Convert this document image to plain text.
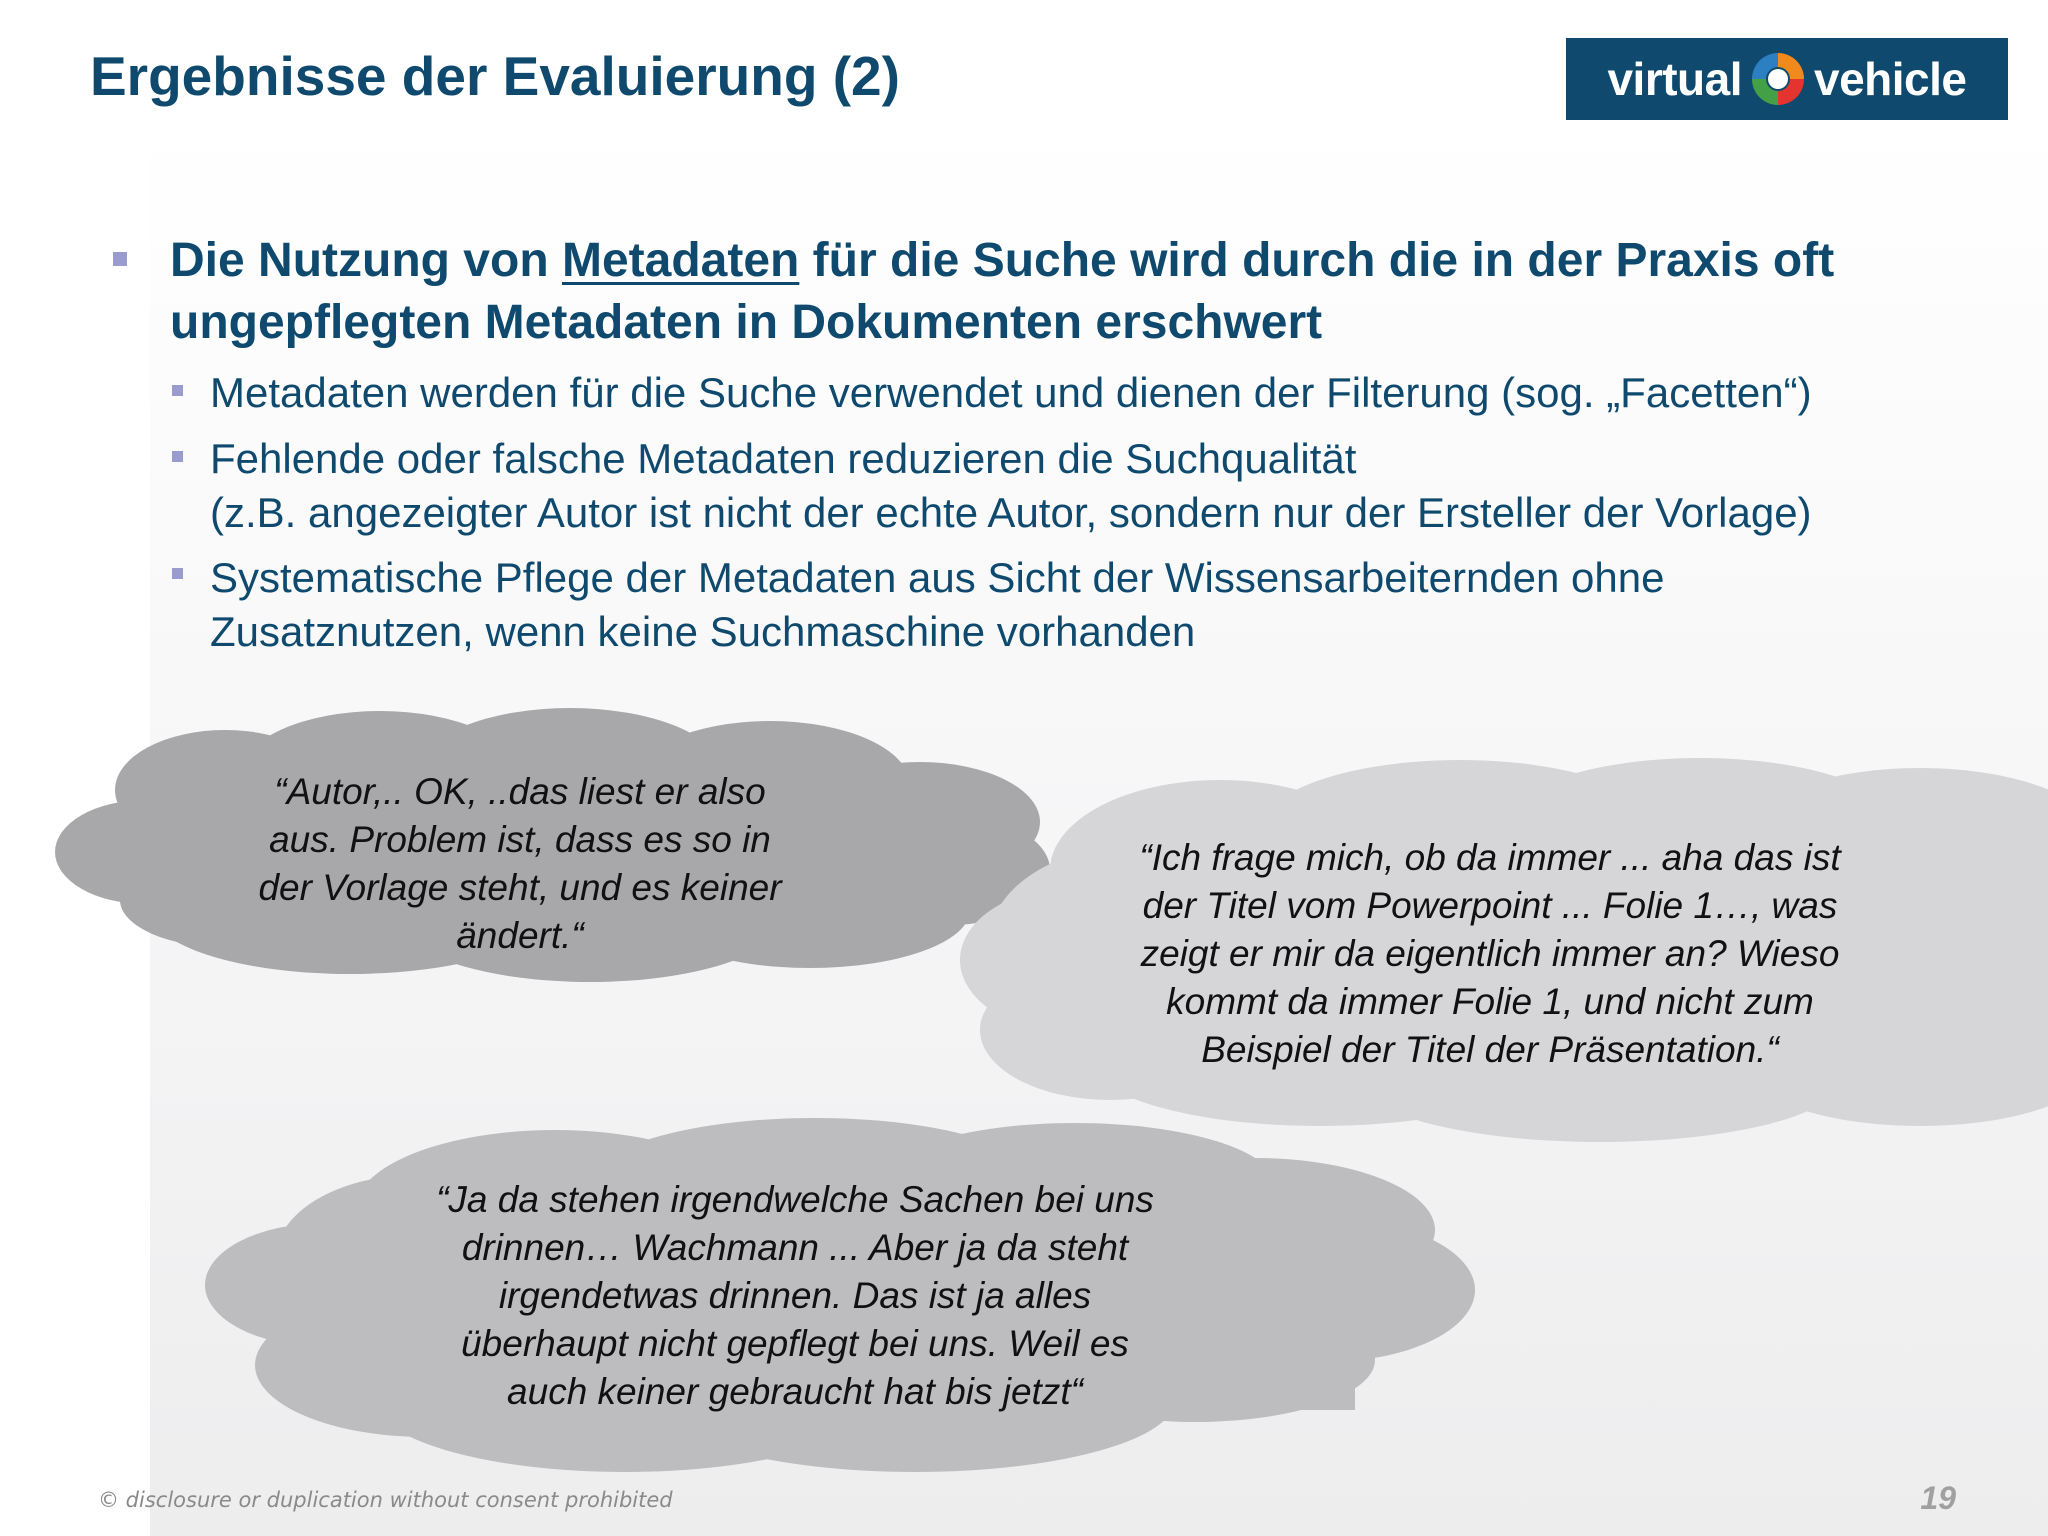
Ergebnisse der Evaluierung (2)	virtual vehicle
Die Nutzung von Metadaten für die Suche wird durch die in der Praxis oft ungepflegten Metadaten in Dokumenten erschwert
Metadaten werden für die Suche verwendet und dienen der Filterung (sog. „Facetten“)
Fehlende oder falsche Metadaten reduzieren die Suchqualität
(z.B. angezeigter Autor ist nicht der echte Autor, sondern nur der Ersteller der Vorlage)
Systematische Pflege der Metadaten aus Sicht der Wissensarbeiternden ohne
Zusatznutzen, wenn keine Suchmaschine vorhanden
“Autor,.. OK, ..das liest er also
aus. Problem ist, dass es so in
der Vorlage steht, und es keiner
ändert.“
“Ich frage mich, ob da immer ... aha das ist
der Titel vom Powerpoint ... Folie 1…, was
zeigt er mir da eigentlich immer an? Wieso
kommt da immer Folie 1, und nicht zum
Beispiel der Titel der Präsentation.“
“Ja da stehen irgendwelche Sachen bei uns
drinnen… Wachmann ... Aber ja da steht
irgendetwas drinnen. Das ist ja alles
überhaupt nicht gepflegt bei uns. Weil es
auch keiner gebraucht hat bis jetzt“
© disclosure or duplication without consent prohibited	19
